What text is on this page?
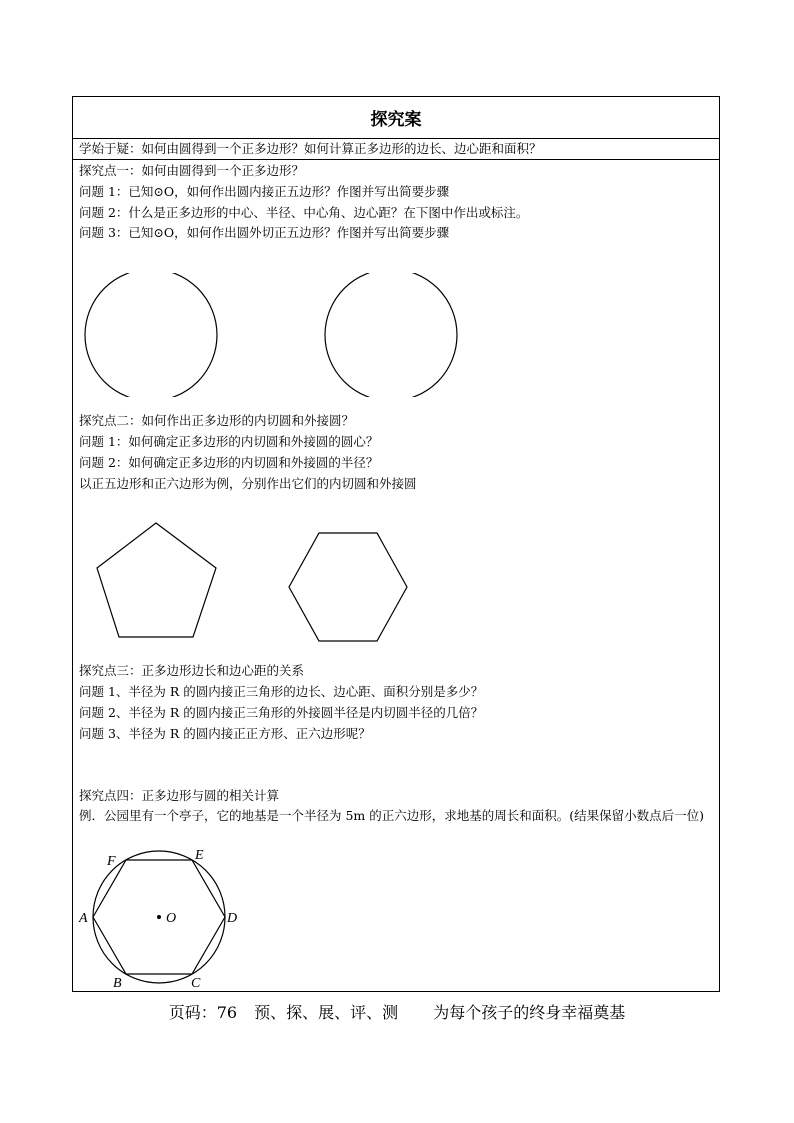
探究案
学始于疑：如何由圆得到一个正多边形？如何计算正多边形的边长、边心距和面积？
探究点一：如何由圆得到一个正多边形？
问题 1：已知⊙O，如何作出圆内接正五边形？作图并写出简要步骤
问题 2：什么是正多边形的中心、半径、中心角、边心距？在下图中作出或标注。
问题 3：已知⊙O，如何作出圆外切正五边形？作图并写出简要步骤
探究点二：如何作出正多边形的内切圆和外接圆？
问题 1：如何确定正多边形的内切圆和外接圆的圆心？
问题 2：如何确定正多边形的内切圆和外接圆的半径？
以正五边形和正六边形为例，分别作出它们的内切圆和外接圆
探究点三：正多边形边长和边心距的关系
问题 1、半径为 R 的圆内接正三角形的边长、边心距、面积分别是多少？
问题 2、半径为 R 的圆内接正三角形的外接圆半径是内切圆半径的几倍？
问题 3、半径为 R 的圆内接正正方形、正六边形呢？
探究点四：正多边形与圆的相关计算
例．公园里有一个亭子，它的地基是一个半径为 5m 的正六边形，求地基的周长和面积。(结果保留小数点后一位)
O
A
B	C
D
E
F
页码：76 预、探、展、评、测 为每个孩子的终身幸福奠基
